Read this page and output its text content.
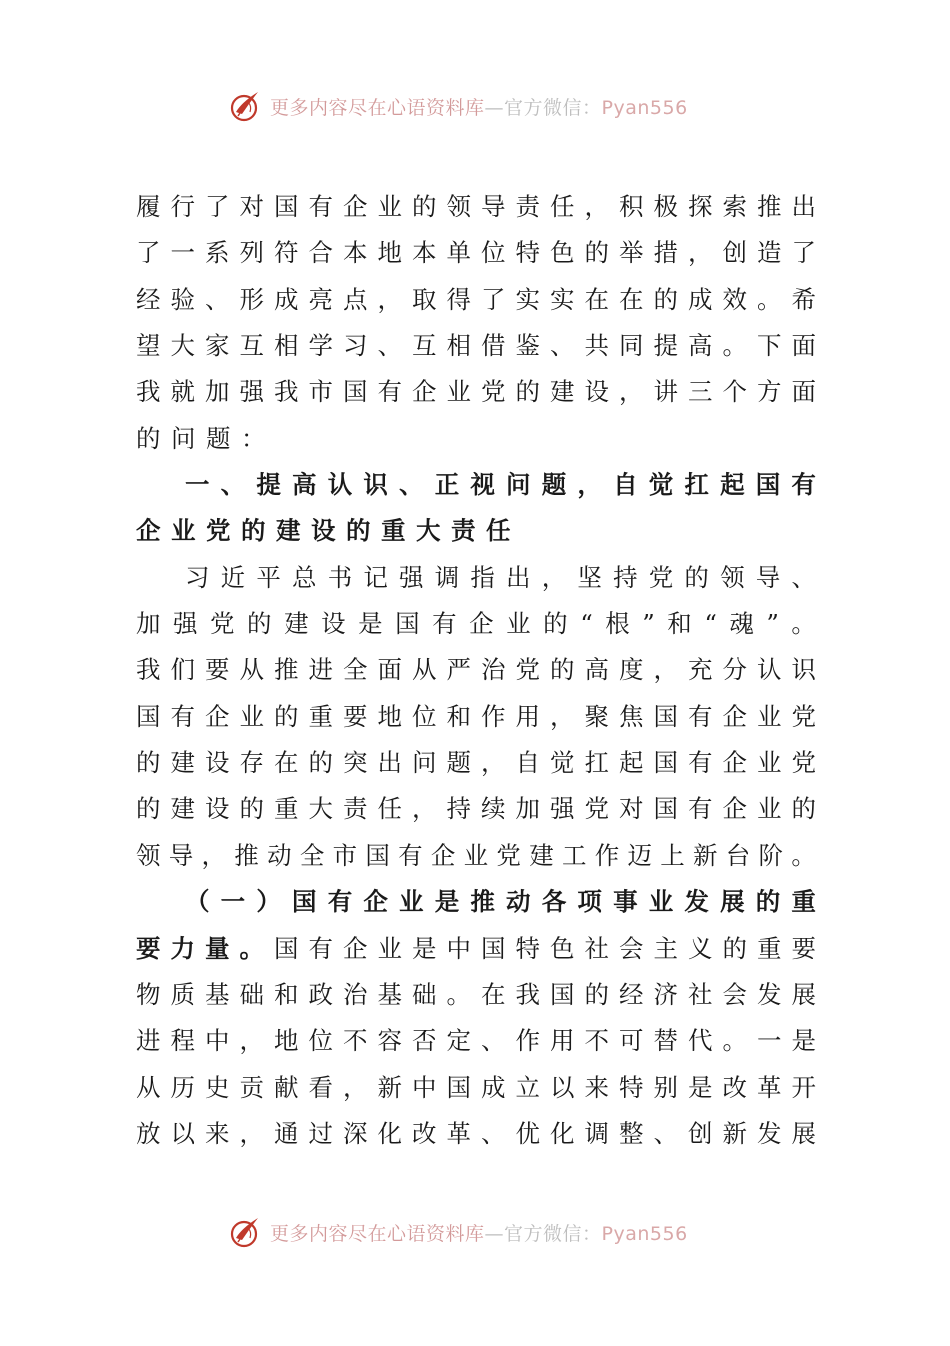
更多内容尽在心语资料库—官方微信：Pyan556
履 行 了 对 国 有 企 业 的 领 导 责 任 ， 积 极 探 索 推 出
了 一 系 列 符 合 本 地 本 单 位 特 色 的 举 措 ， 创 造 了
经 验 、 形 成 亮 点 ， 取 得 了 实 实 在 在 的 成 效 。 希
望 大 家 互 相 学 习 、 互 相 借 鉴 、 共 同 提 高 。 下 面
我 就 加 强 我 市 国 有 企 业 党 的 建 设 ， 讲 三 个 方 面
的 问 题 ：
一 、 提 高 认 识 、 正 视 问 题 ， 自 觉 扛 起 国 有
企 业 党 的 建 设 的 重 大 责 任
习 近 平 总 书 记 强 调 指 出 ， 坚 持 党 的 领 导 、
加 强 党 的 建 设 是 国 有 企 业 的 “ 根 ” 和 “ 魂 ” 。
我 们 要 从 推 进 全 面 从 严 治 党 的 高 度 ， 充 分 认 识
国 有 企 业 的 重 要 地 位 和 作 用 ， 聚 焦 国 有 企 业 党
的 建 设 存 在 的 突 出 问 题 ， 自 觉 扛 起 国 有 企 业 党
的 建 设 的 重 大 责 任 ， 持 续 加 强 党 对 国 有 企 业 的
领 导 ， 推 动 全 市 国 有 企 业 党 建 工 作 迈 上 新 台 阶 。
（ 一 ） 国 有 企 业 是 推 动 各 项 事 业 发 展 的 重
要 力 量 。 国 有 企 业 是 中 国 特 色 社 会 主 义 的 重 要
物 质 基 础 和 政 治 基 础 。 在 我 国 的 经 济 社 会 发 展
进 程 中 ， 地 位 不 容 否 定 、 作 用 不 可 替 代 。 一 是
从 历 史 贡 献 看 ， 新 中 国 成 立 以 来 特 别 是 改 革 开
放 以 来 ， 通 过 深 化 改 革 、 优 化 调 整 、 创 新 发 展
更多内容尽在心语资料库—官方微信：Pyan556
